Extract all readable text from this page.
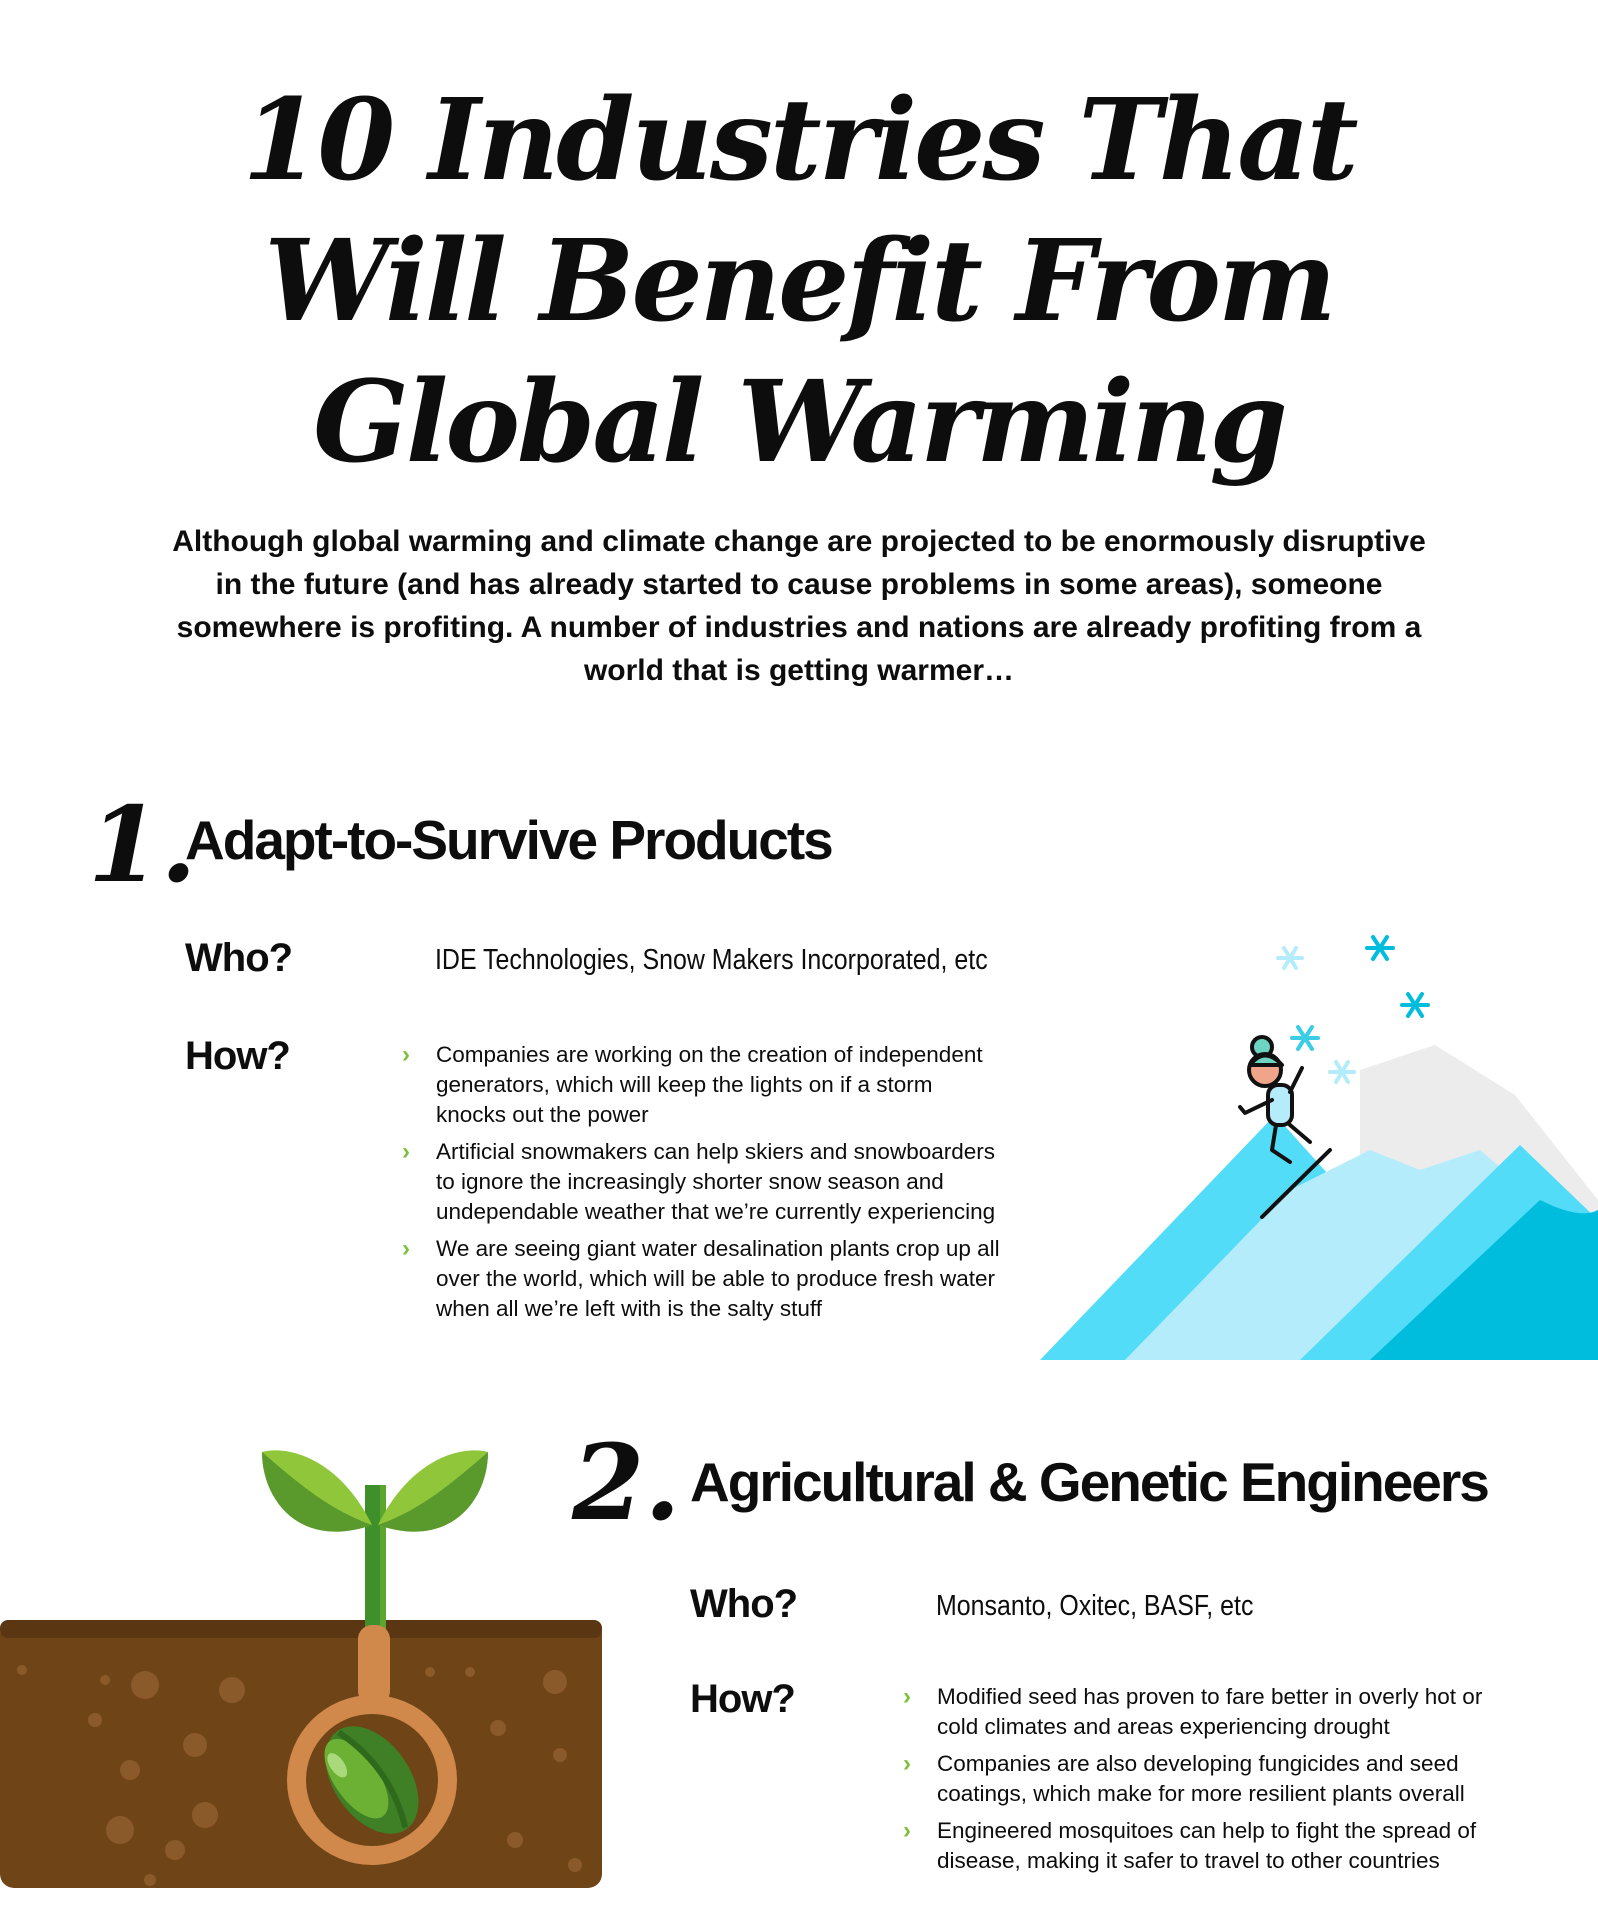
10 Industries That
Will Benefit From
Global Warming
Although global warming and climate change are projected to be enormously disruptive in the future (and has already started to cause problems in some areas), someone somewhere is profiting. A number of industries and nations are already profiting from a world that is getting warmer…
1.
Adapt-to-Survive Products
Who?	IDE Technologies, Snow Makers Incorporated, etc
How?	› Companies are working on the creation of independent generators, which will keep the lights on if a storm knocks out the power
› Artificial snowmakers can help skiers and snowboarders to ignore the increasingly shorter snow season and undependable weather that we’re currently experiencing
› We are seeing giant water desalination plants crop up all over the world, which will be able to produce fresh water when all we’re left with is the salty stuff
2. Agricultural & Genetic Engineers
Who?	Monsanto, Oxitec, BASF, etc
How?	› Modified seed has proven to fare better in overly hot or cold climates and areas experiencing drought
› Companies are also developing fungicides and seed coatings, which make for more resilient plants overall
› Engineered mosquitoes can help to fight the spread of disease, making it safer to travel to other countries
